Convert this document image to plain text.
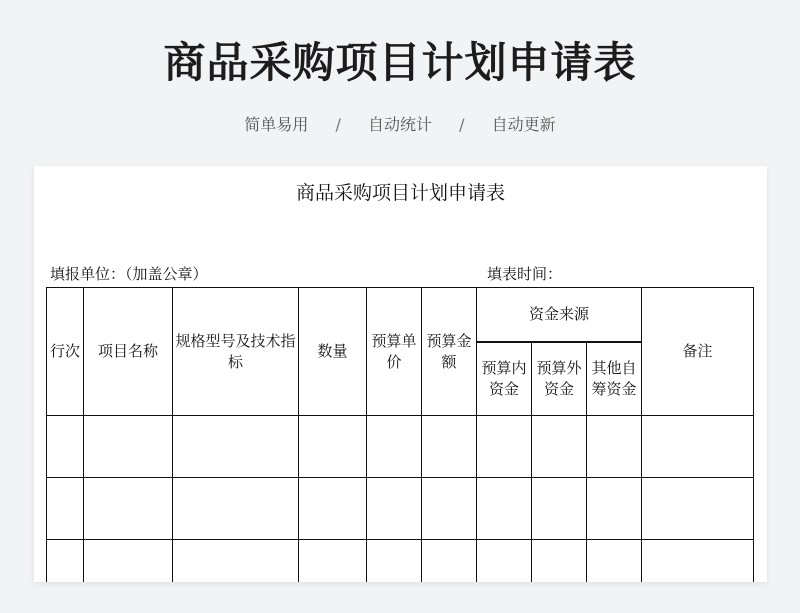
商品采购项目计划申请表
简单易用 / 自动统计 / 自动更新
商品采购项目计划申请表
填报单位：（加盖公章）	填表时间：
行次	项目名称	规格型号及技术指标	数量	预算单价	预算金额	资金来源			备注
						预算内资金	预算外资金	其他自筹资金	
